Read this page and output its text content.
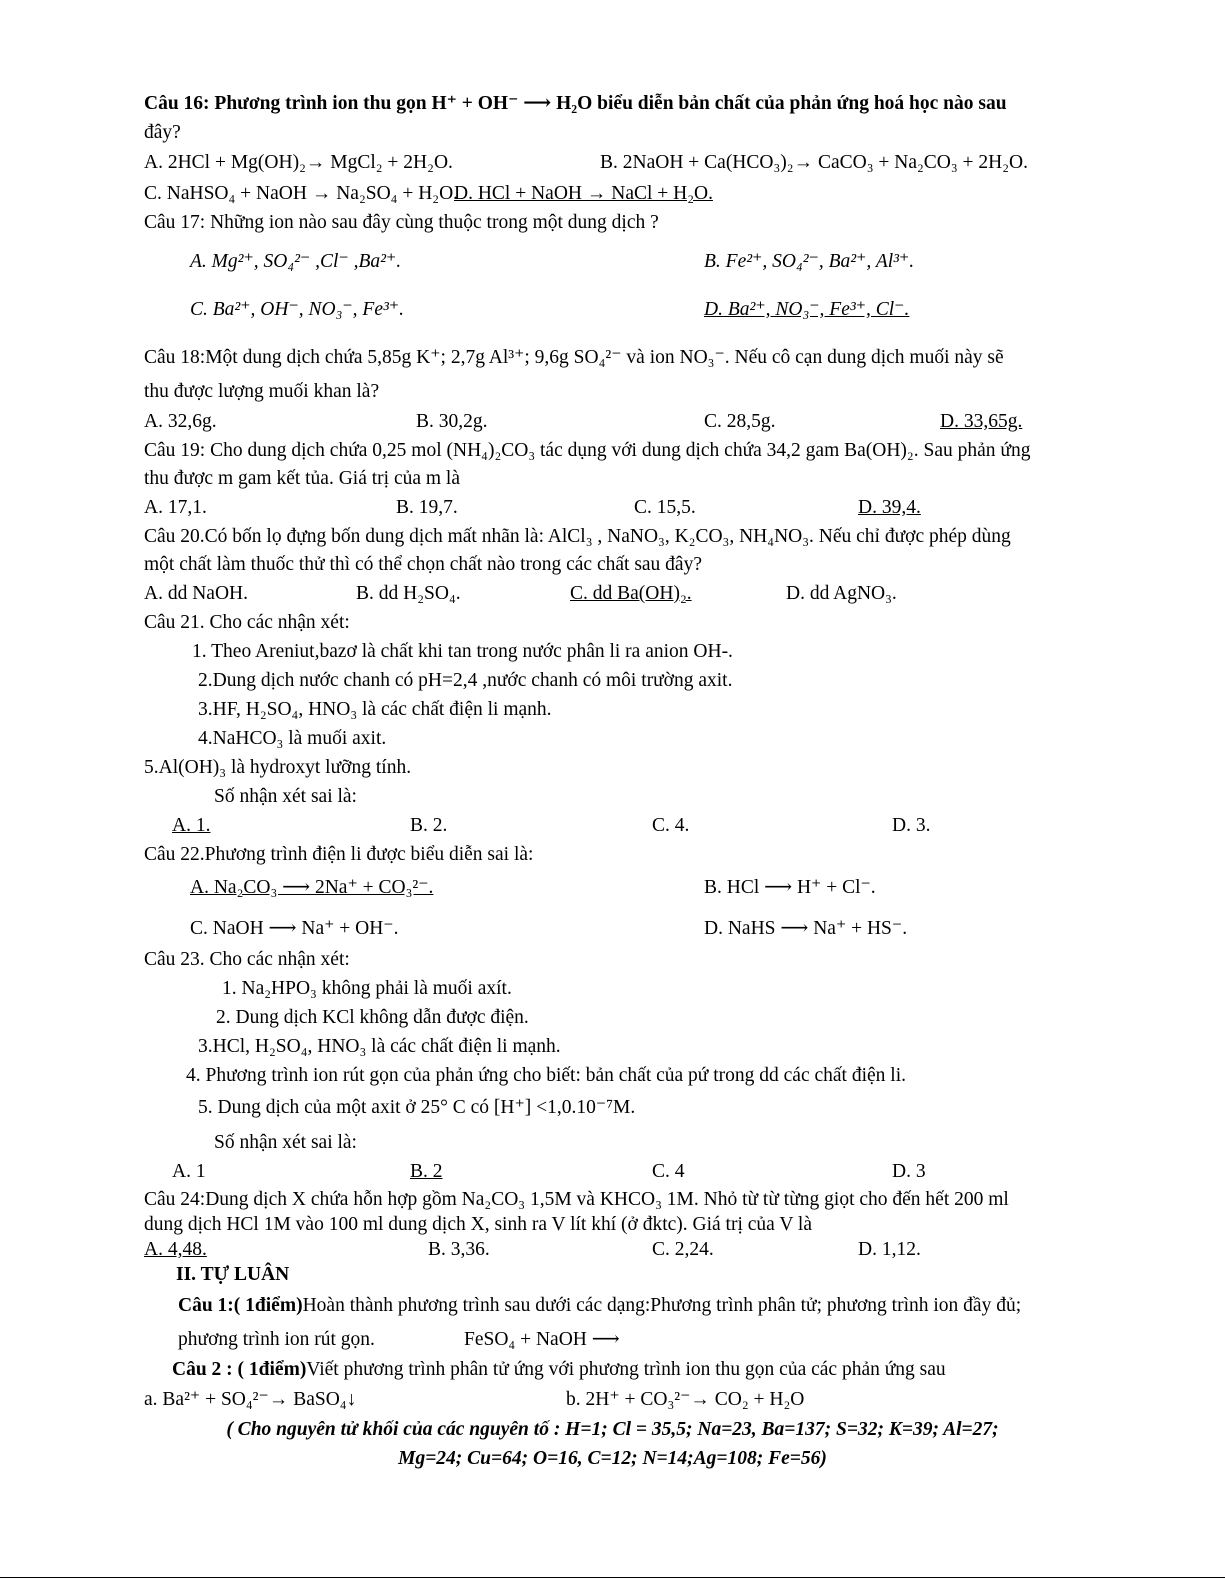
Câu 16: Phương trình ion thu gọn H⁺ + OH⁻ ⟶ H₂O biểu diễn bản chất của phản ứng hoá học nào sau
đây?
A. 2HCl + Mg(OH)₂→ MgCl₂ + 2H₂O.	B. 2NaOH + Ca(HCO₃)₂→ CaCO₃ + Na₂CO₃ + 2H₂O.
C. NaHSO₄ + NaOH → Na₂SO₄ + H₂O.
D. HCl + NaOH → NaCl + H₂O.
Câu 17: Những ion nào sau đây cùng thuộc trong một dung dịch ?
A. Mg²⁺, SO₄²⁻ ,Cl⁻ ,Ba²⁺.	B. Fe²⁺, SO₄²⁻, Ba²⁺, Al³⁺.
C. Ba²⁺, OH⁻, NO₃⁻, Fe³⁺.	D. Ba²⁺, NO₃⁻, Fe³⁺, Cl⁻.
Câu 18:Một dung dịch chứa 5,85g K⁺; 2,7g Al³⁺; 9,6g SO₄²⁻ và ion NO₃⁻. Nếu cô cạn dung dịch muối này sẽ
thu được lượng muối khan là?
A. 32,6g.	B. 30,2g.	C. 28,5g.	D. 33,65g.
Câu 19: Cho dung dịch chứa 0,25 mol (NH₄)₂CO₃ tác dụng với dung dịch chứa 34,2 gam Ba(OH)₂. Sau phản ứng
thu được m gam kết tủa. Giá trị của m là
A. 17,1.	B. 19,7.	C. 15,5.	D. 39,4.
Câu 20.Có bốn lọ đựng bốn dung dịch mất nhãn là: AlCl₃ , NaNO₃, K₂CO₃, NH₄NO₃. Nếu chỉ được phép dùng
một chất làm thuốc thử thì có thể chọn chất nào trong các chất sau đây?
A. dd NaOH.	B. dd H₂SO₄.	C. dd Ba(OH)₂.	D. dd AgNO₃.
Câu 21. Cho các nhận xét:
1. Theo Areniut,bazơ là chất khi tan trong nước phân li ra anion OH-.
2.Dung dịch nước chanh có pH=2,4 ,nước chanh có môi trường axit.
3.HF, H₂SO₄, HNO₃ là các chất điện li mạnh.
4.NaHCO₃ là muối axit.
5.Al(OH)₃ là hydroxyt lưỡng tính.
Số nhận xét sai là:
A. 1.	B. 2.	C. 4.	D. 3.
Câu 22.Phương trình điện li được biểu diễn sai là:
A. Na₂CO₃ ⟶ 2Na⁺ + CO₃²⁻.	B. HCl ⟶ H⁺ + Cl⁻.
C. NaOH ⟶ Na⁺ + OH⁻.	D. NaHS ⟶ Na⁺ + HS⁻.
Câu 23. Cho các nhận xét:
1. Na₂HPO₃ không phải là muối axít.
2. Dung dịch KCl không dẫn được điện.
3.HCl, H₂SO₄, HNO₃ là các chất điện li mạnh.
4. Phương trình ion rút gọn của phản ứng cho biết: bản chất của pứ trong dd các chất điện li.
5. Dung dịch của một axit ở 25° C có [H⁺] <1,0.10⁻⁷M.
Số nhận xét sai là:
A. 1	B. 2	C. 4	D. 3
Câu 24:Dung dịch X chứa hỗn hợp gồm Na₂CO₃ 1,5M và KHCO₃ 1M. Nhỏ từ từ từng giọt cho đến hết 200 ml
dung dịch HCl 1M vào 100 ml dung dịch X, sinh ra V lít khí (ở đktc). Giá trị của V là
A. 4,48.	B. 3,36.	C. 2,24.	D. 1,12.
II. TỰ LUÂN
Câu 1:( 1điểm)Hoàn thành phương trình sau dưới các dạng:Phương trình phân tử; phương trình ion đầy đủ;
phương trình ion rút gọn.	FeSO₄ + NaOH ⟶
Câu 2 : ( 1điểm)Viết phương trình phân tử ứng với phương trình ion thu gọn của các phản ứng sau
a. Ba²⁺ + SO₄²⁻→ BaSO₄↓	b. 2H⁺ + CO₃²⁻→ CO₂ + H₂O
( Cho nguyên tử khối của các nguyên tố : H=1; Cl = 35,5; Na=23, Ba=137; S=32; K=39; Al=27;
Mg=24; Cu=64; O=16, C=12; N=14;Ag=108; Fe=56)
